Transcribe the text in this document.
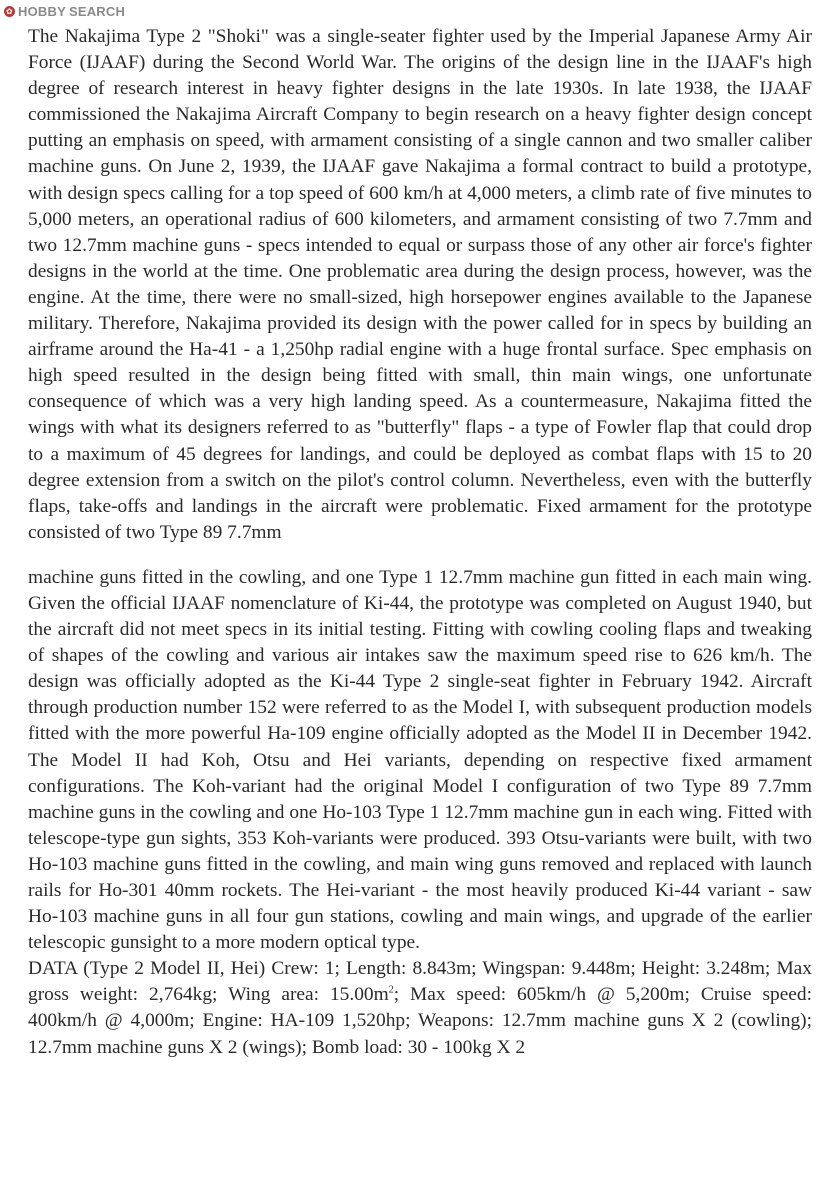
✿ HOBBY SEARCH

The Nakajima Type 2 "Shoki" was a single-seater fighter used by the Imperial Japanese Army Air Force (IJAAF) during the Second World War. The origins of the design line in the IJAAF's high degree of research interest in heavy fighter designs in the late 1930s. In late 1938, the IJAAF commissioned the Nakajima Aircraft Company to begin research on a heavy fighter design concept putting an emphasis on speed, with armament consisting of a single cannon and two smaller caliber machine guns. On June 2, 1939, the IJAAF gave Nakajima a formal contract to build a prototype, with design specs calling for a top speed of 600 km/h at 4,000 meters, a climb rate of five minutes to 5,000 meters, an operational radius of 600 kilometers, and armament consisting of two 7.7mm and two 12.7mm machine guns - specs intended to equal or surpass those of any other air force's fighter designs in the world at the time. One problematic area during the design process, however, was the engine. At the time, there were no small-sized, high horsepower engines available to the Japanese military. Therefore, Nakajima provided its design with the power called for in specs by building an airframe around the Ha-41 - a 1,250hp radial engine with a huge frontal surface. Spec emphasis on high speed resulted in the design being fitted with small, thin main wings, one unfortunate consequence of which was a very high landing speed. As a countermeasure, Nakajima fitted the wings with what its designers referred to as "butterfly" flaps - a type of Fowler flap that could drop to a maximum of 45 degrees for landings, and could be deployed as combat flaps with 15 to 20 degree extension from a switch on the pilot's control column. Nevertheless, even with the butterfly flaps, take-offs and landings in the aircraft were problematic. Fixed armament for the prototype consisted of two Type 89 7.7mm

machine guns fitted in the cowling, and one Type 1 12.7mm machine gun fitted in each main wing. Given the official IJAAF nomenclature of Ki-44, the prototype was completed on August 1940, but the aircraft did not meet specs in its initial testing. Fitting with cowling cooling flaps and tweaking of shapes of the cowling and various air intakes saw the maximum speed rise to 626 km/h. The design was officially adopted as the Ki-44 Type 2 single-seat fighter in February 1942. Aircraft through production number 152 were referred to as the Model I, with subsequent production models fitted with the more powerful Ha-109 engine officially adopted as the Model II in December 1942. The Model II had Koh, Otsu and Hei variants, depending on respective fixed armament configurations. The Koh-variant had the original Model I configuration of two Type 89 7.7mm machine guns in the cowling and one Ho-103 Type 1 12.7mm machine gun in each wing. Fitted with telescope-type gun sights, 353 Koh-variants were produced. 393 Otsu-variants were built, with two Ho-103 machine guns fitted in the cowling, and main wing guns removed and replaced with launch rails for Ho-301 40mm rockets. The Hei-variant - the most heavily produced Ki-44 variant - saw Ho-103 machine guns in all four gun stations, cowling and main wings, and upgrade of the earlier telescopic gunsight to a more modern optical type.

DATA (Type 2 Model II, Hei) Crew: 1; Length: 8.843m; Wingspan: 9.448m; Height: 3.248m; Max gross weight: 2,764kg; Wing area: $15.00m^2$; Max speed: 605km/h @ 5,200m; Cruise speed: 400km/h @ 4,000m; Engine: HA-109 1,520hp; Weapons: 12.7mm machine guns X 2 (cowling); 12.7mm machine guns X 2 (wings); Bomb load: 30 - 100kg X 2
